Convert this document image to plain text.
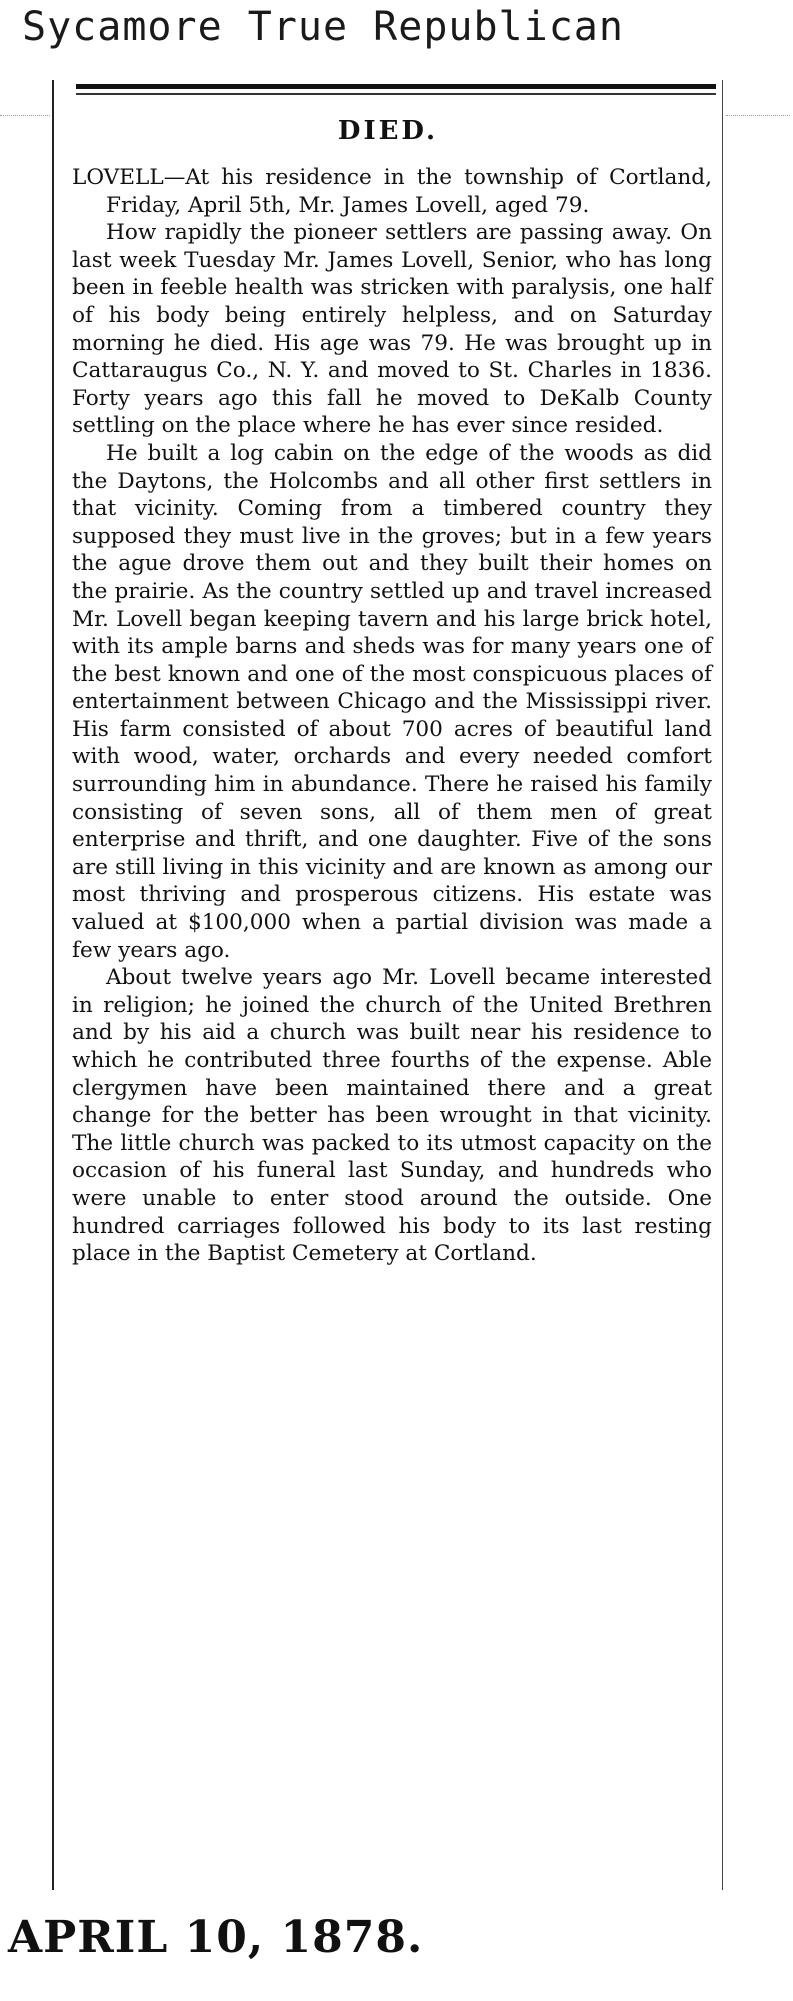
Sycamore True Republican
DIED.

LOVELL—At his residence in the township of Cortland, Friday, April 5th, Mr. James Lovell, aged 79.

How rapidly the pioneer settlers are passing away. On last week Tuesday Mr. James Lovell, Senior, who has long been in feeble health was stricken with paralysis, one half of his body being entirely helpless, and on Saturday morning he died. His age was 79. He was brought up in Cattaraugus Co., N. Y. and moved to St. Charles in 1836. Forty years ago this fall he moved to DeKalb County settling on the place where he has ever since resided.

He built a log cabin on the edge of the woods as did the Daytons, the Holcombs and all other first settlers in that vicinity. Coming from a timbered country they supposed they must live in the groves; but in a few years the ague drove them out and they built their homes on the prairie. As the country settled up and travel increased Mr. Lovell began keeping tavern and his large brick hotel, with its ample barns and sheds was for many years one of the best known and one of the most conspicuous places of entertainment between Chicago and the Mississippi river. His farm consisted of about 700 acres of beautiful land with wood, water, orchards and every needed comfort surrounding him in abundance. There he raised his family consisting of seven sons, all of them men of great enterprise and thrift, and one daughter. Five of the sons are still living in this vicinity and are known as among our most thriving and prosperous citizens. His estate was valued at $100,000 when a partial division was made a few years ago.

About twelve years ago Mr. Lovell became interested in religion; he joined the church of the United Brethren and by his aid a church was built near his residence to which he contributed three fourths of the expense. Able clergymen have been maintained there and a great change for the better has been wrought in that vicinity. The little church was packed to its utmost capacity on the occasion of his funeral last Sunday, and hundreds who were unable to enter stood around the outside. One hundred carriages followed his body to its last resting place in the Baptist Cemetery at Cortland.

APRIL 10, 1878.
